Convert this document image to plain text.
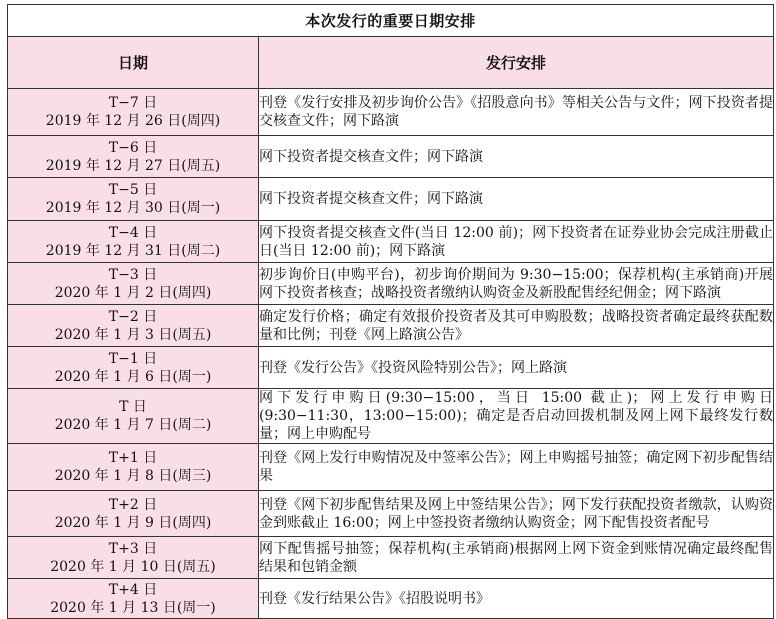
本次发行的重要日期安排	
日期	发行安排

T−7 日
2019 年 12 月 26 日(周四)	刊登《发行安排及初步询价公告》《招股意向书》等相关公告与文件；网下投资者提交核查文件；网下路演

T−6 日
2019 年 12 月 27 日(周五)	网下投资者提交核查文件；网下路演

T−5 日
2019 年 12 月 30 日(周一)	网下投资者提交核查文件；网下路演

T−4 日
2019 年 12 月 31 日(周二)	网下投资者提交核查文件(当日 12:00 前)；网下投资者在证券业协会完成注册截止日(当日 12:00 前)；网下路演

T−3 日
2020 年 1 月 2 日(周四)	初步询价日(申购平台)，初步询价期间为 9:30−15:00；保荐机构(主承销商)开展网下投资者核查；战略投资者缴纳认购资金及新股配售经纪佣金；网下路演

T−2 日
2020 年 1 月 3 日(周五)	确定发行价格；确定有效报价投资者及其可申购股数；战略投资者确定最终获配数量和比例；刊登《网上路演公告》

T−1 日
2020 年 1 月 6 日(周一)	刊登《发行公告》《投资风险特别公告》；网上路演

T 日
2020 年 1 月 7 日(周二)	网下发行申购日(9:30−15:00，当日 15:00 截止)；网上发行申购日(9:30−11:30，13:00−15:00)；确定是否启动回拨机制及网上网下最终发行数量；网上申购配号

T+1 日
2020 年 1 月 8 日(周三)	刊登《网上发行申购情况及中签率公告》；网上申购摇号抽签；确定网下初步配售结果

T+2 日
2020 年 1 月 9 日(周四)	刊登《网下初步配售结果及网上中签结果公告》；网下发行获配投资者缴款，认购资金到账截止 16:00；网上中签投资者缴纳认购资金；网下配售投资者配号

T+3 日
2020 年 1 月 10 日(周五)	网下配售摇号抽签；保荐机构(主承销商)根据网上网下资金到账情况确定最终配售结果和包销金额

T+4 日
2020 年 1 月 13 日(周一)	刊登《发行结果公告》《招股说明书》
